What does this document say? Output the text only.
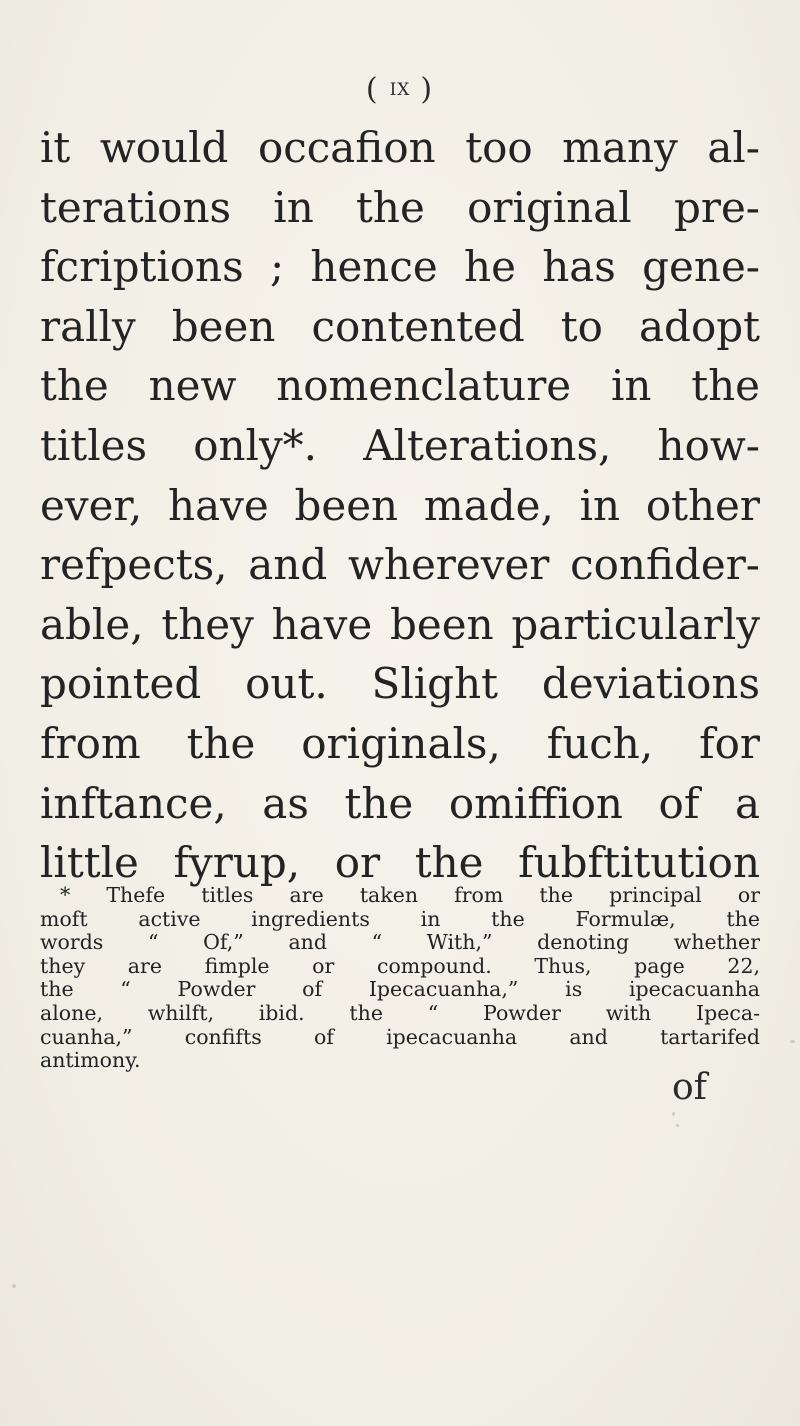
( IX )
it would occafion too many al-
terations in the original pre-
fcriptions ; hence he has gene-
rally been contented to adopt
the new nomenclature in the
titles only*. Alterations, how-
ever, have been made, in other
refpects, and wherever confider-
able, they have been particularly
pointed out. Slight deviations
from the originals, fuch, for
inftance, as the omiffion of a
little fyrup, or the fubftitution
* Thefe titles are taken from the principal or
moft active ingredients in the Formulæ, the
words “ Of,” and “ With,” denoting whether
they are fimple or compound. Thus, page 22,
the “ Powder of Ipecacuanha,” is ipecacuanha
alone, whilft, ibid. the “ Powder with Ipeca-
cuanha,” confifts of ipecacuanha and tartarifed
antimony.
of
